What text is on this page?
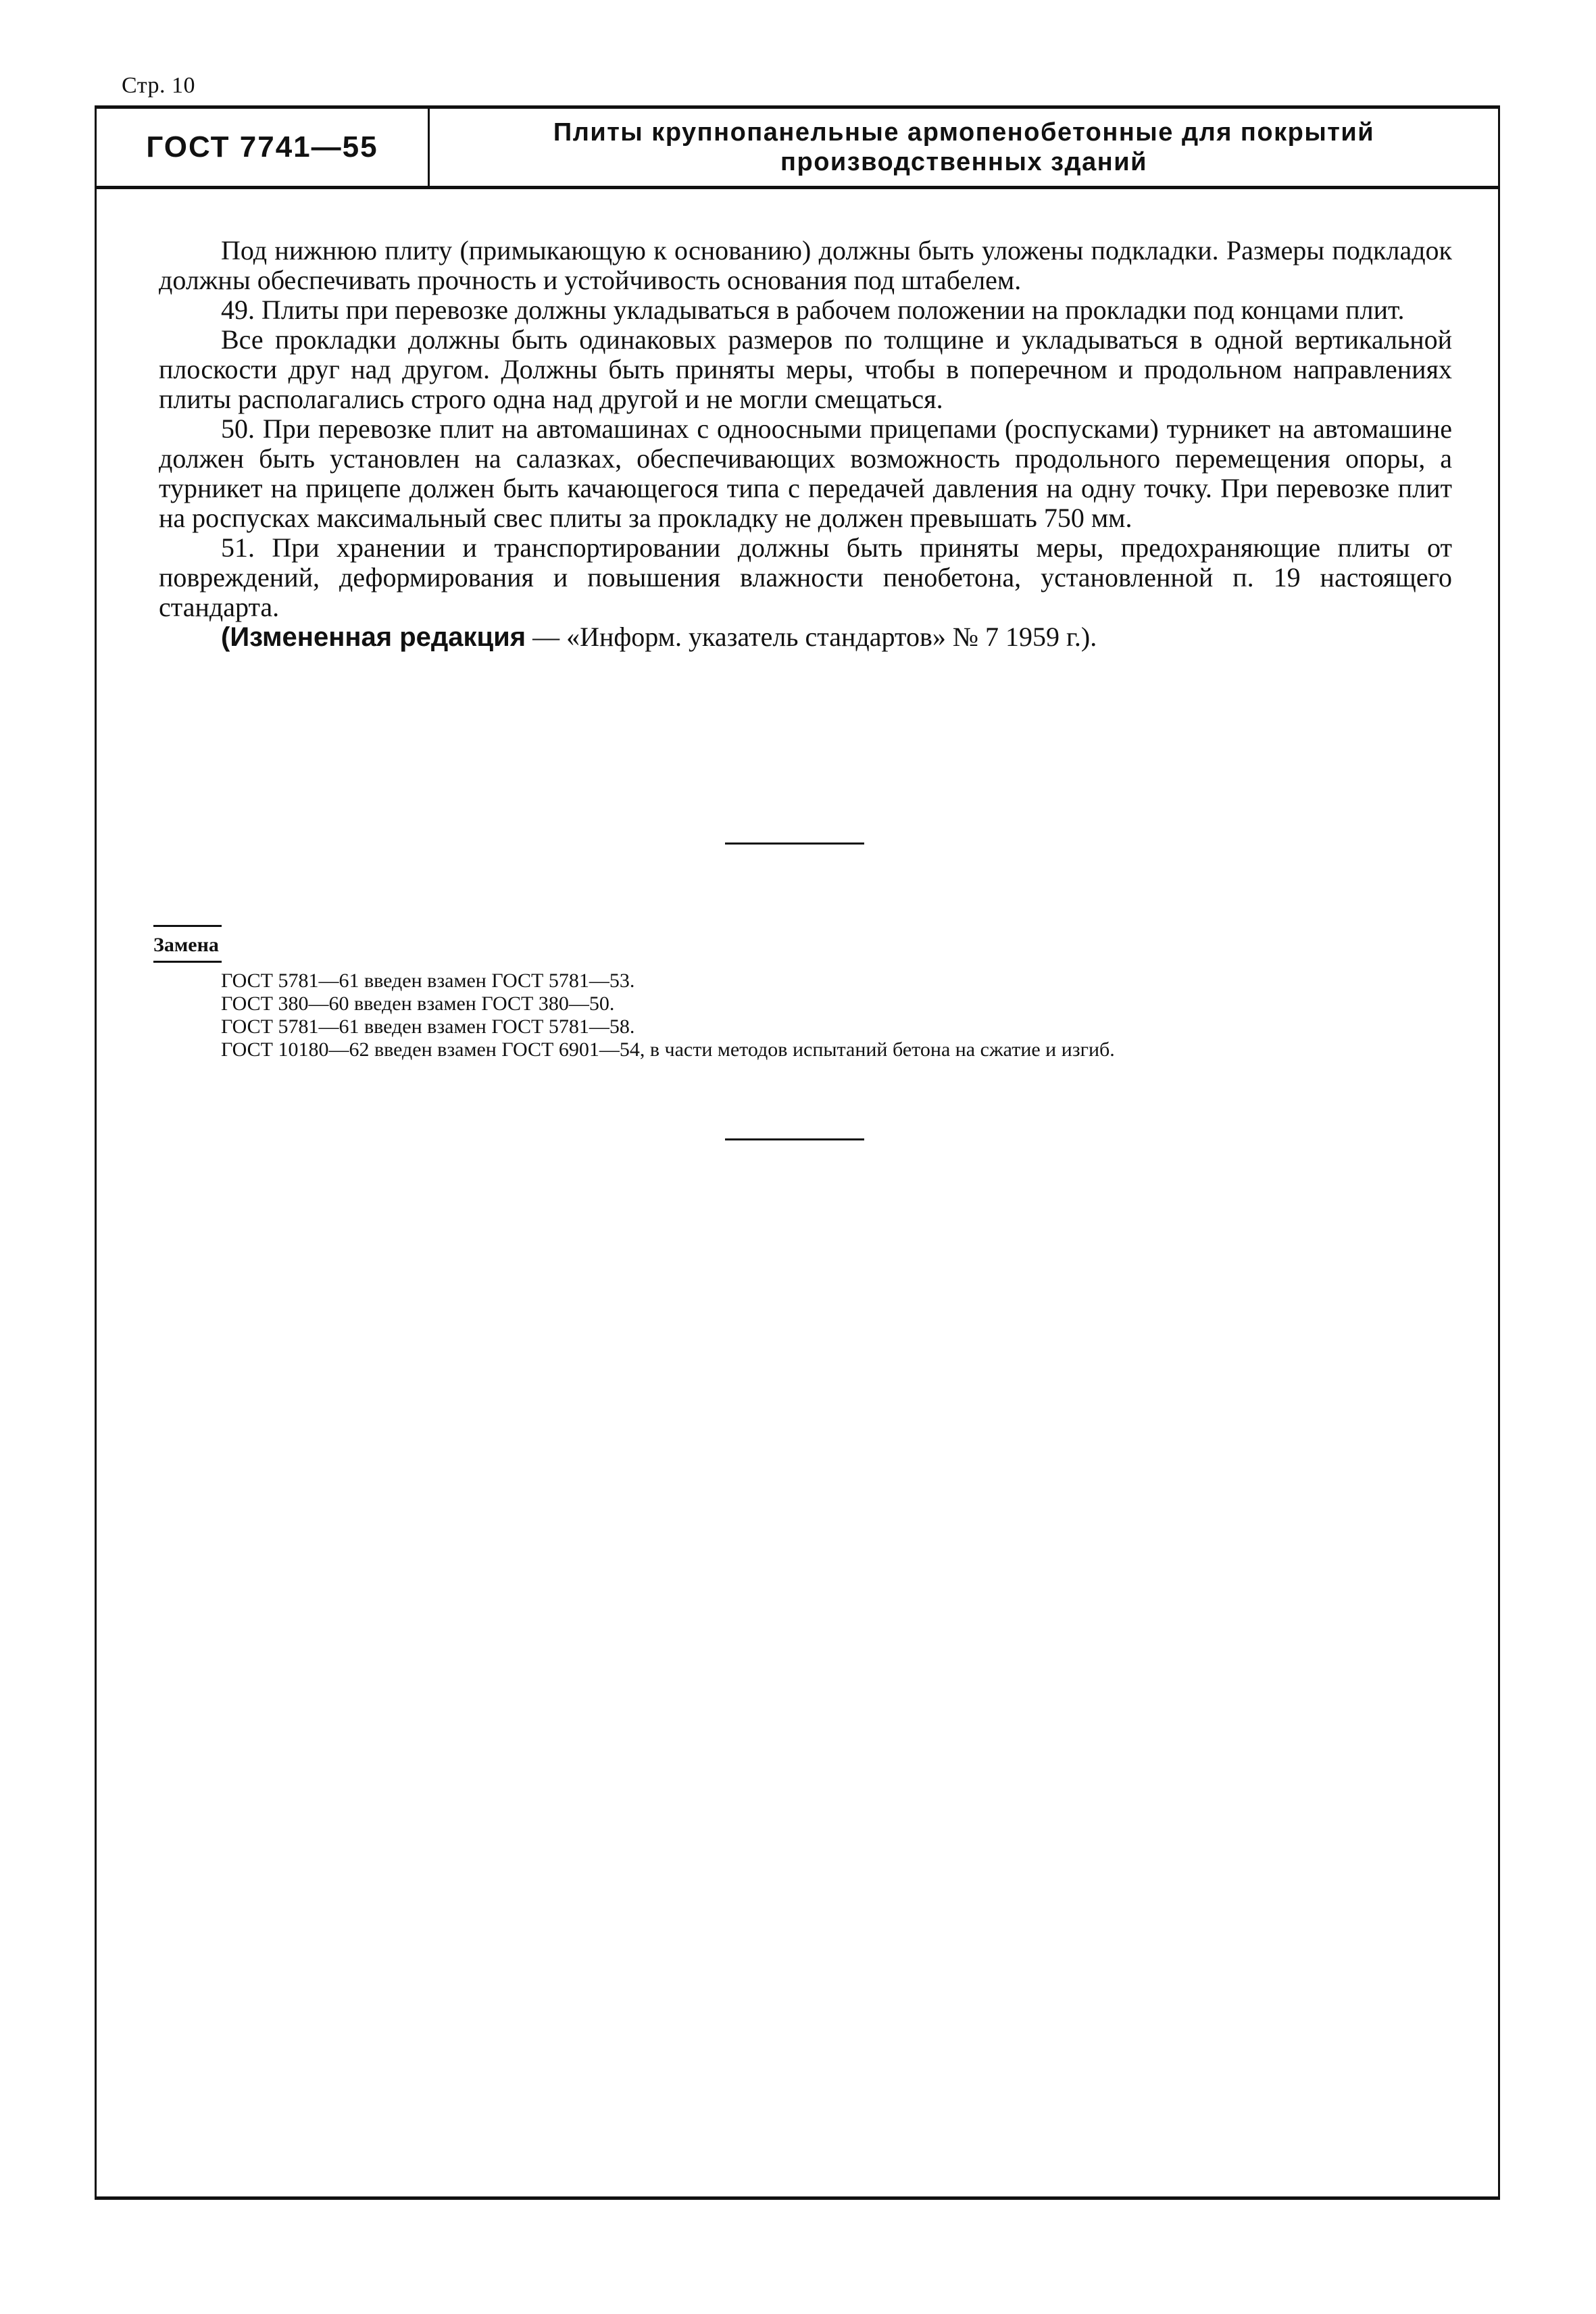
Стр. 10
ГОСТ 7741—55	Плиты крупнопанельные армопенобетонные для покрытий
производственных зданий

Под нижнюю плиту (примыкающую к основанию) должны быть уложены подкладки. Размеры подкладок должны обеспечивать прочность и устойчивость основания под штабелем.

49. Плиты при перевозке должны укладываться в рабочем положении на прокладки под концами плит.

Все прокладки должны быть одинаковых размеров по толщине и укладываться в одной вертикальной плоскости друг над другом. Должны быть приняты меры, чтобы в поперечном и продольном направлениях плиты располагались строго одна над другой и не могли смещаться.

50. При перевозке плит на автомашинах с одноосными прицепами (роспусками) турникет на автомашине должен быть установлен на салазках, обеспечивающих возможность продольного перемещения опоры, а турникет на прицепе должен быть качающегося типа с передачей давления на одну точку. При перевозке плит на роспусках максимальный свес плиты за прокладку не должен превышать 750 мм.

51. При хранении и транспортировании должны быть приняты меры, предохраняющие плиты от повреждений, деформирования и повышения влажности пенобетона, установленной п. 19 настоящего стандарта.

(Измененная редакция — «Информ. указатель стандартов» № 7 1959 г.).

Замена
ГОСТ 5781—61 введен взамен ГОСТ 5781—53.
ГОСТ 380—60 введен взамен ГОСТ 380—50.
ГОСТ 5781—61 введен взамен ГОСТ 5781—58.
ГОСТ 10180—62 введен взамен ГОСТ 6901—54, в части методов испытаний бетона на сжатие и изгиб.
